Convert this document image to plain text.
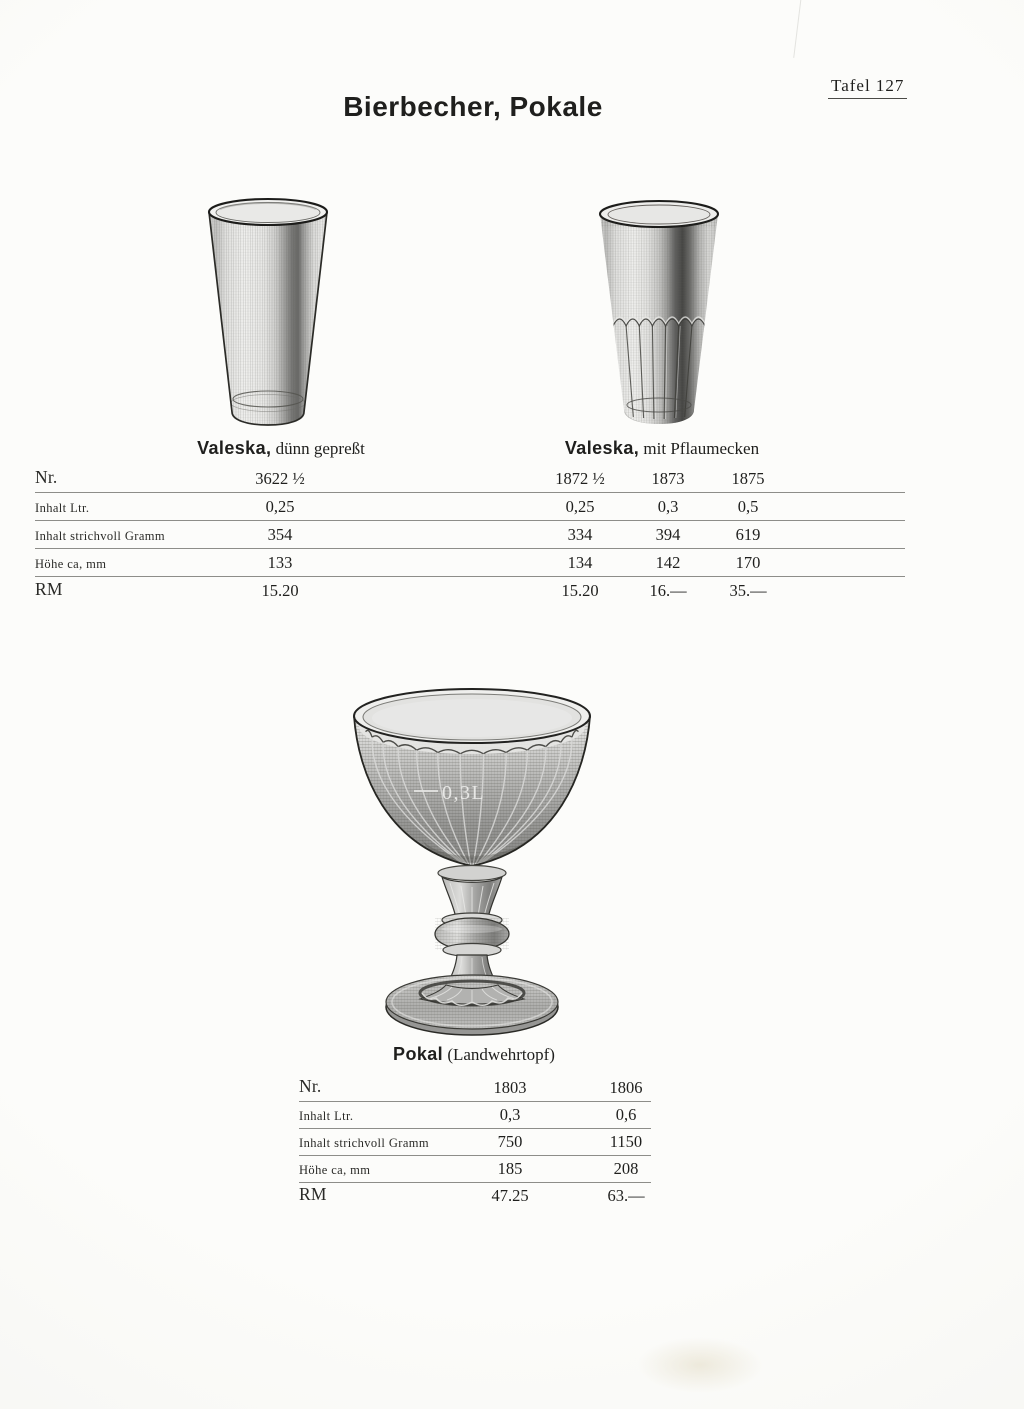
Bierbecher, Pokale
Tafel 127
Valeska, dünn gepreßt	Valeska, mit Pflaumecken
Nr.	3622 ½	1872 ½	1873	1875
Inhalt Ltr.	0,25	0,25	0,3	0,5
Inhalt strichvoll Gramm	354	334	394	619
Höhe ca, mm	133	134	142	170
RM	15.20	15.20	16.—	35.—
0,3L
Pokal (Landwehrtopf)
Nr.	1803	1806
Inhalt Ltr.	0,3	0,6
Inhalt strichvoll Gramm	750	1150
Höhe ca, mm	185	208
RM	47.25	63.—
